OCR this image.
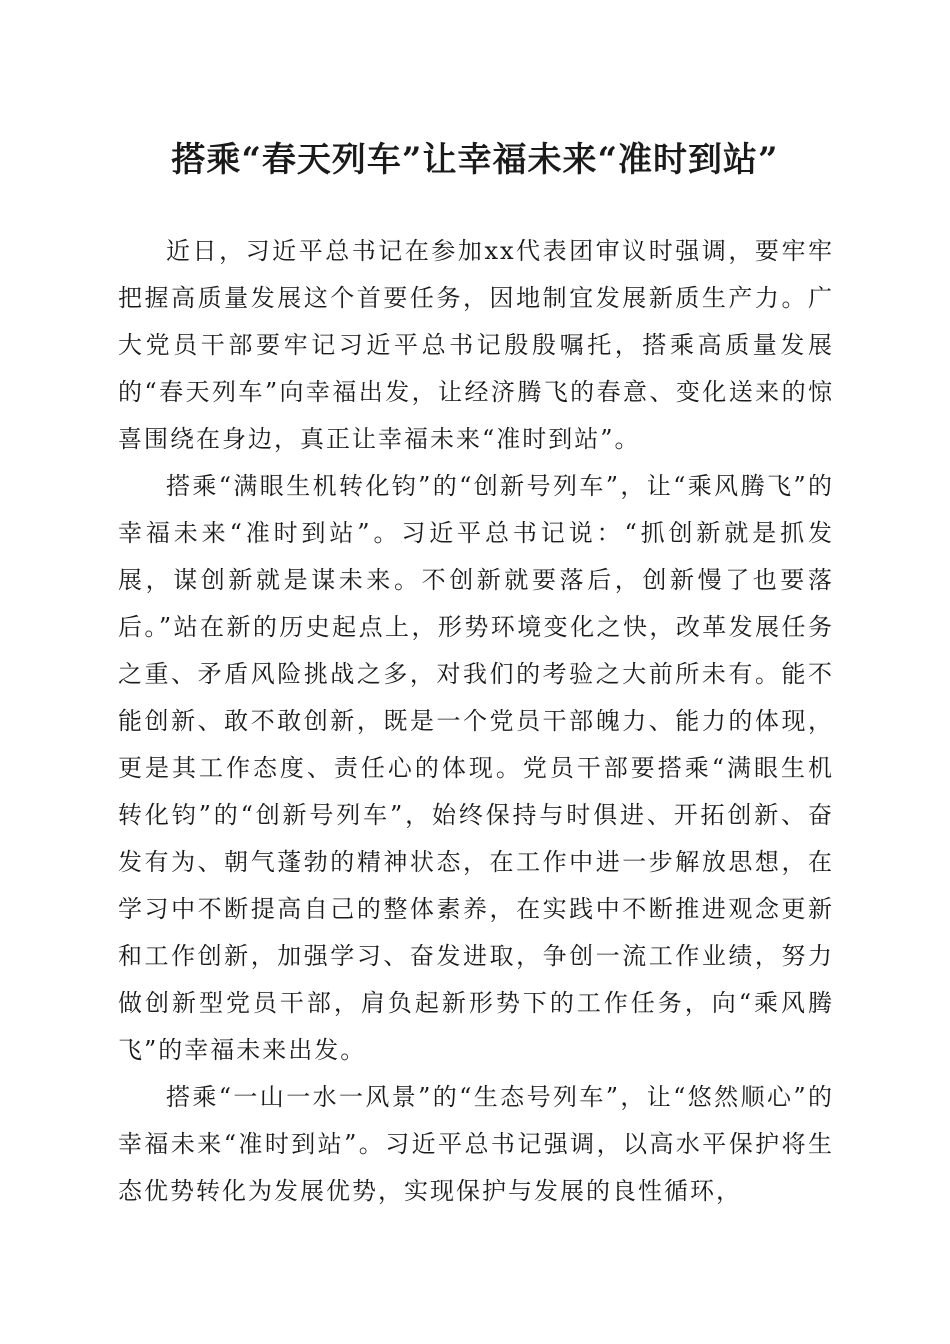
搭乘“春天列车”让幸福未来“准时到站”

近日，习近平总书记在参加xx代表团审议时强调，要牢牢把握高质量发展这个首要任务，因地制宜发展新质生产力。广大党员干部要牢记习近平总书记殷殷嘱托，搭乘高质量发展的“春天列车”向幸福出发，让经济腾飞的春意、变化送来的惊喜围绕在身边，真正让幸福未来“准时到站”。

搭乘“满眼生机转化钧”的“创新号列车”，让“乘风腾飞”的幸福未来“准时到站”。习近平总书记说：“抓创新就是抓发展，谋创新就是谋未来。不创新就要落后，创新慢了也要落后。”站在新的历史起点上，形势环境变化之快，改革发展任务之重、矛盾风险挑战之多，对我们的考验之大前所未有。能不能创新、敢不敢创新，既是一个党员干部魄力、能力的体现，更是其工作态度、责任心的体现。党员干部要搭乘“满眼生机转化钧”的“创新号列车”，始终保持与时俱进、开拓创新、奋发有为、朝气蓬勃的精神状态，在工作中进一步解放思想，在学习中不断提高自己的整体素养，在实践中不断推进观念更新和工作创新，加强学习、奋发进取，争创一流工作业绩，努力做创新型党员干部，肩负起新形势下的工作任务，向“乘风腾飞”的幸福未来出发。

搭乘“一山一水一风景”的“生态号列车”，让“悠然顺心”的幸福未来“准时到站”。习近平总书记强调，以高水平保护将生态优势转化为发展优势，实现保护与发展的良性循环，
